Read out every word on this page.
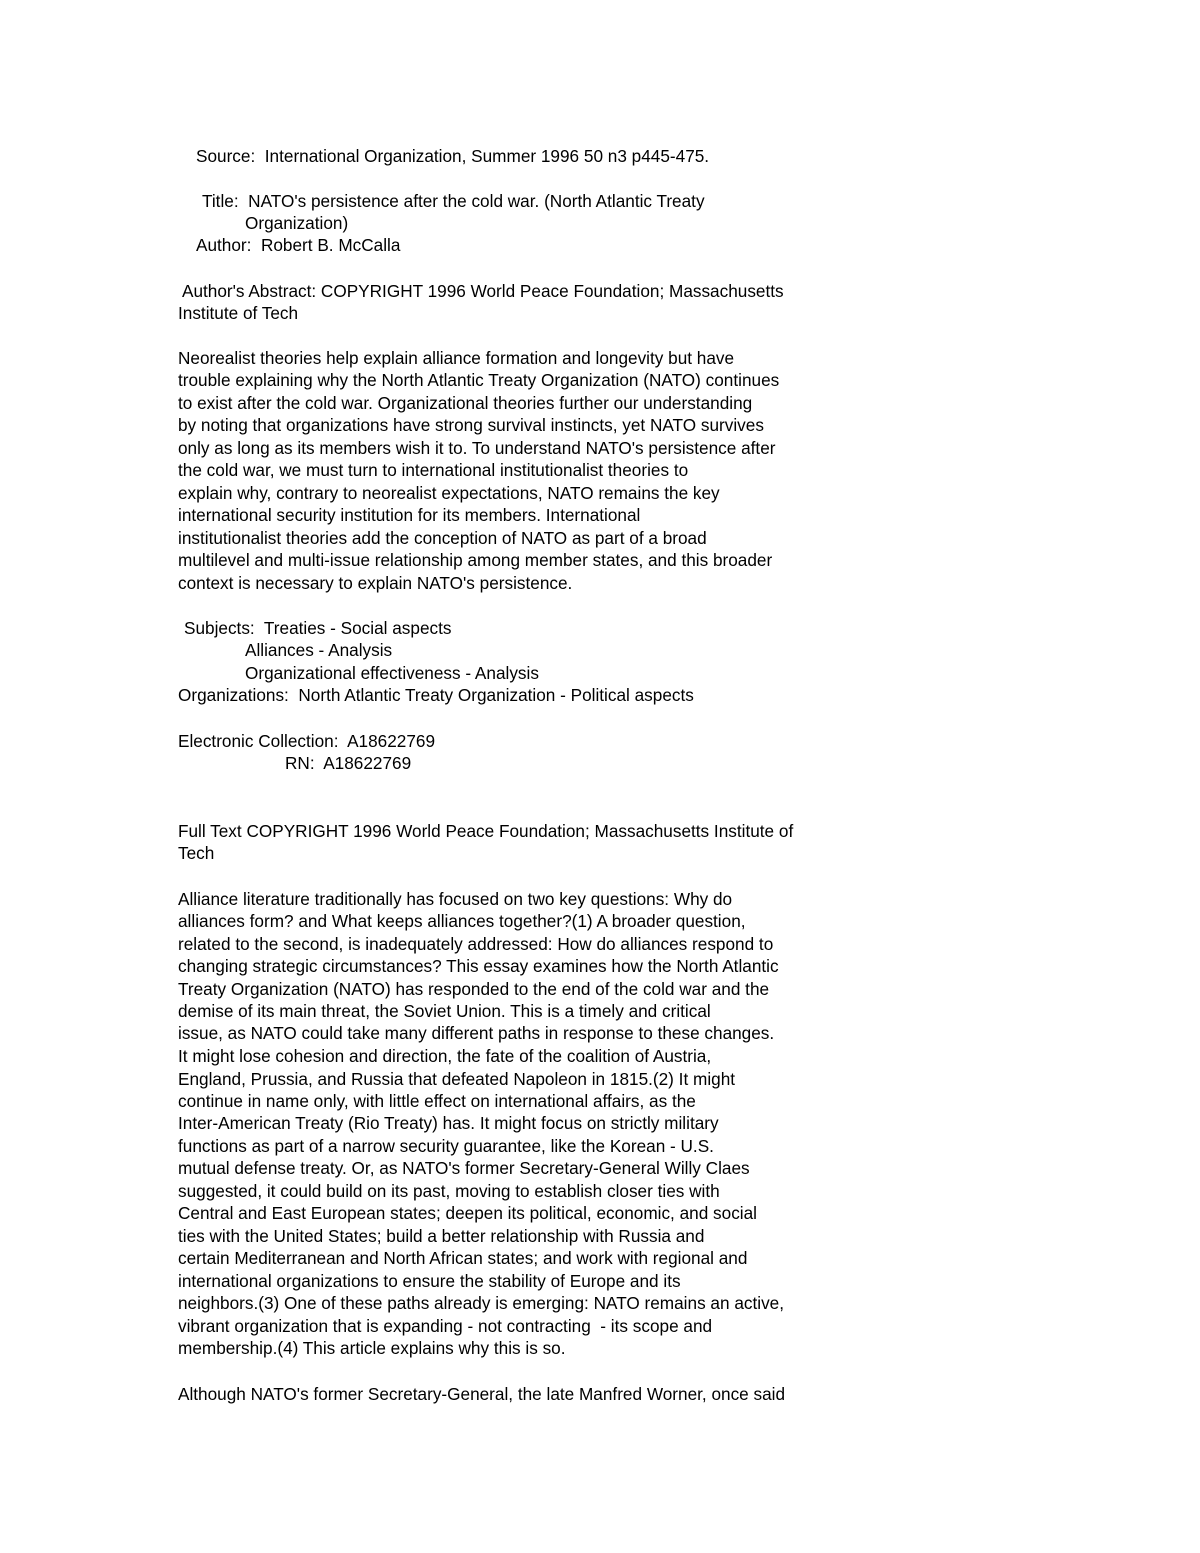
Source:  International Organization, Summer 1996 50 n3 p445-475.

Title:  NATO's persistence after the cold war. (North Atlantic Treaty

Organization)

Author:  Robert B. McCalla

Author's Abstract: COPYRIGHT 1996 World Peace Foundation; Massachusetts

Institute of Tech

Neorealist theories help explain alliance formation and longevity but have

trouble explaining why the North Atlantic Treaty Organization (NATO) continues

to exist after the cold war. Organizational theories further our understanding

by noting that organizations have strong survival instincts, yet NATO survives

only as long as its members wish it to. To understand NATO's persistence after

the cold war, we must turn to international institutionalist theories to

explain why, contrary to neorealist expectations, NATO remains the key

international security institution for its members. International

institutionalist theories add the conception of NATO as part of a broad

multilevel and multi-issue relationship among member states, and this broader

context is necessary to explain NATO's persistence.

Subjects:  Treaties - Social aspects

Alliances - Analysis

Organizational effectiveness - Analysis

Organizations:  North Atlantic Treaty Organization - Political aspects

Electronic Collection:  A18622769

RN:  A18622769

Full Text COPYRIGHT 1996 World Peace Foundation; Massachusetts Institute of

Tech

Alliance literature traditionally has focused on two key questions: Why do

alliances form? and What keeps alliances together?(1) A broader question,

related to the second, is inadequately addressed: How do alliances respond to

changing strategic circumstances? This essay examines how the North Atlantic

Treaty Organization (NATO) has responded to the end of the cold war and the

demise of its main threat, the Soviet Union. This is a timely and critical

issue, as NATO could take many different paths in response to these changes.

It might lose cohesion and direction, the fate of the coalition of Austria,

England, Prussia, and Russia that defeated Napoleon in 1815.(2) It might

continue in name only, with little effect on international affairs, as the

Inter-American Treaty (Rio Treaty) has. It might focus on strictly military

functions as part of a narrow security guarantee, like the Korean - U.S.

mutual defense treaty. Or, as NATO's former Secretary-General Willy Claes

suggested, it could build on its past, moving to establish closer ties with

Central and East European states; deepen its political, economic, and social

ties with the United States; build a better relationship with Russia and

certain Mediterranean and North African states; and work with regional and

international organizations to ensure the stability of Europe and its

neighbors.(3) One of these paths already is emerging: NATO remains an active,

vibrant organization that is expanding - not contracting  - its scope and

membership.(4) This article explains why this is so.

Although NATO's former Secretary-General, the late Manfred Worner, once said
